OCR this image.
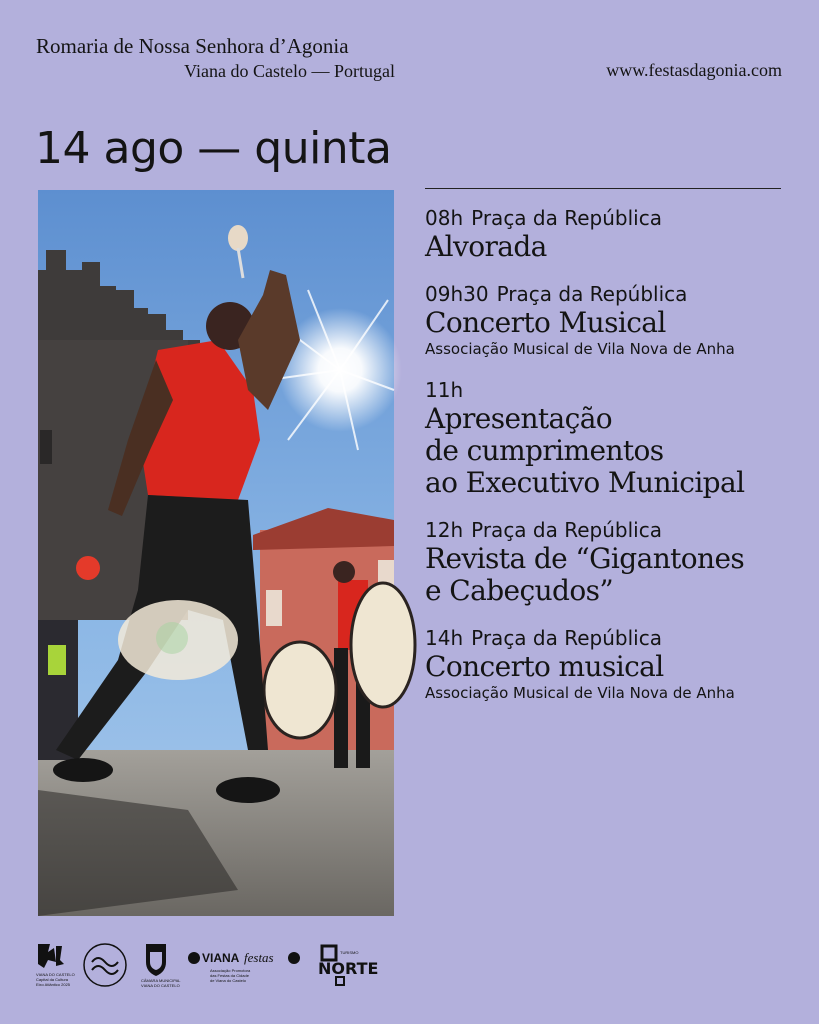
Romaria de Nossa Senhora d’Agonia
Viana do Castelo — Portugal	www.festasdagonia.com
14 ago — quinta
08h Praça da República
Alvorada
09h30 Praça da República
Concerto Musical
Associação Musical de Vila Nova de Anha
11h
Apresentação
de cumprimentos
ao Executivo Municipal
12h Praça da República
Revista de “Gigantones
e Cabeçudos”
14h Praça da República
Concerto musical
Associação Musical de Vila Nova de Anha
VIANA DO CASTELO
Capital da Cultura
Eixo Atlântico 2025
CÂMARA MUNICIPAL
VIANA DO CASTELO
VIANA festas
Associação Promotora
das Festas da Cidade
de Viana do Castelo
TURISMO
NORTE
